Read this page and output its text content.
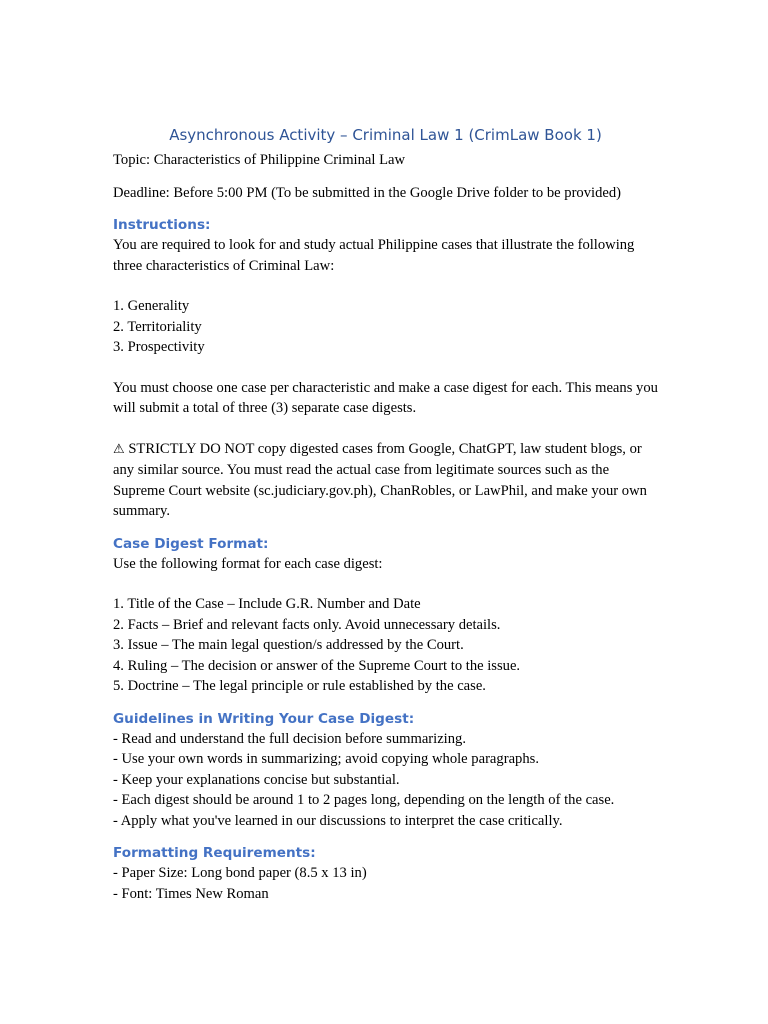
Asynchronous Activity – Criminal Law 1 (CrimLaw Book 1)

Topic: Characteristics of Philippine Criminal Law

Deadline: Before 5:00 PM (To be submitted in the Google Drive folder to be provided)

Instructions:

You are required to look for and study actual Philippine cases that illustrate the following three characteristics of Criminal Law:

1. Generality

2. Territoriality

3. Prospectivity

You must choose one case per characteristic and make a case digest for each. This means you will submit a total of three (3) separate case digests.

⚠ STRICTLY DO NOT copy digested cases from Google, ChatGPT, law student blogs, or any similar source. You must read the actual case from legitimate sources such as the Supreme Court website (sc.judiciary.gov.ph), ChanRobles, or LawPhil, and make your own summary.

Case Digest Format:

Use the following format for each case digest:

1. Title of the Case – Include G.R. Number and Date

2. Facts – Brief and relevant facts only. Avoid unnecessary details.

3. Issue – The main legal question/s addressed by the Court.

4. Ruling – The decision or answer of the Supreme Court to the issue.

5. Doctrine – The legal principle or rule established by the case.

Guidelines in Writing Your Case Digest:

- Read and understand the full decision before summarizing.

- Use your own words in summarizing; avoid copying whole paragraphs.

- Keep your explanations concise but substantial.

- Each digest should be around 1 to 2 pages long, depending on the length of the case.

- Apply what you've learned in our discussions to interpret the case critically.

Formatting Requirements:

- Paper Size: Long bond paper (8.5 x 13 in)

- Font: Times New Roman
